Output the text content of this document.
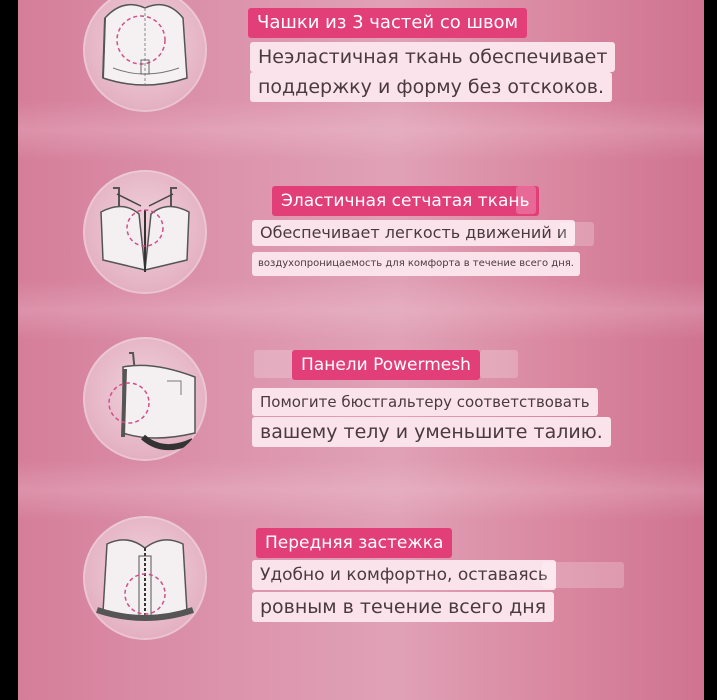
Чашки из 3 частей со швом
Неэластичная ткань обеспечивает
поддержку и форму без отскоков.
Эластичная сетчатая ткань
Обеспечивает легкость движений и
воздухопроницаемость для комфорта в течение всего дня.
Панели Powermesh
Помогите бюстгальтеру соответствовать
вашему телу и уменьшите талию.
Передняя застежка
Удобно и комфортно, оставаясь
ровным в течение всего дня
